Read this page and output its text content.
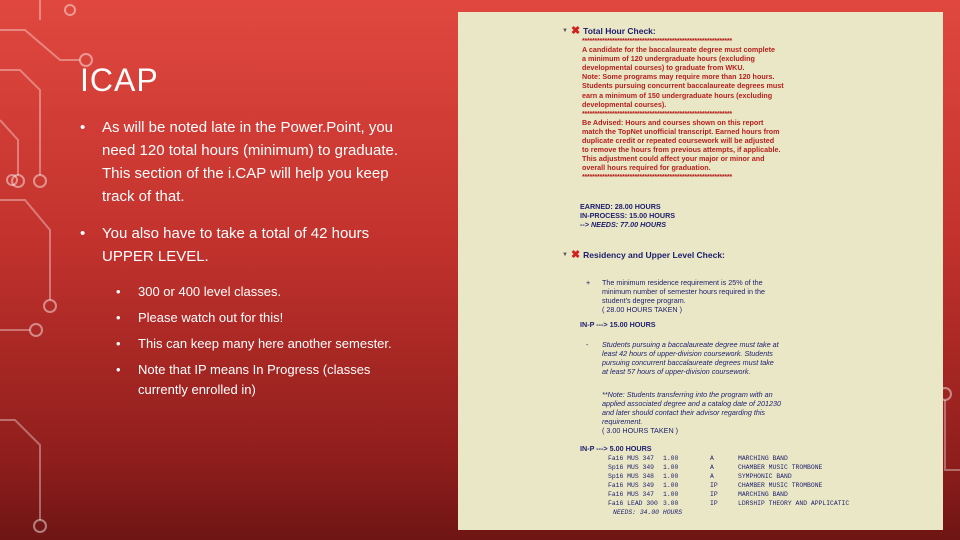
ICAP
• As will be noted late in the Power.Point, you need 120 total hours (minimum) to graduate. This section of the i.CAP will help you keep track of that.
• You also have to take a total of 42 hours UPPER LEVEL.
• 300 or 400 level classes.
• Please watch out for this!
• This can keep many here another semester.
• Note that IP means In Progress (classes currently enrolled in)
▼ ✖ Total Hour Check:
************************************************************
A candidate for the baccalaureate degree must complete
a minimum of 120 undergraduate hours (excluding
developmental courses) to graduate from WKU.
Note: Some programs may require more than 120 hours.
Students pursuing concurrent baccalaureate degrees must
earn a minimum of 150 undergraduate hours (excluding
developmental courses).
************************************************************
Be Advised: Hours and courses shown on this report
match the TopNet unofficial transcript. Earned hours from
duplicate credit or repeated coursework will be adjusted
to remove the hours from previous attempts, if applicable.
This adjustment could affect your major or minor and
overall hours required for graduation.
************************************************************
EARNED: 28.00 HOURS
IN-PROCESS: 15.00 HOURS
--> NEEDS: 77.00 HOURS
▼ ✖ Residency and Upper Level Check:
+ The minimum residence requirement is 25% of the
minimum number of semester hours required in the
student's degree program.
( 28.00 HOURS TAKEN )
IN-P ---> 15.00 HOURS
- Students pursuing a baccalaureate degree must take at
least 42 hours of upper-division coursework. Students
pursuing concurrent baccalaureate degrees must take
at least 57 hours of upper-division coursework.
**Note: Students transferring into the program with an
applied associated degree and a catalog date of 201230
and later should contact their advisor regarding this
requirement.
( 3.00 HOURS TAKEN )
IN-P ---> 5.00 HOURS
Fa16 MUS 347	1.00	A	MARCHING BAND
Sp16 MUS 349	1.00	A	CHAMBER MUSIC TROMBONE
Sp16 MUS 348	1.00	A	SYMPHONIC BAND
Fa16 MUS 349	1.00	IP	CHAMBER MUSIC TROMBONE
Fa16 MUS 347	1.00	IP	MARCHING BAND
Fa16 LEAD 300 3.00	IP	LDRSHIP THEORY AND APPLICATIC
NEEDS: 34.00 HOURS
